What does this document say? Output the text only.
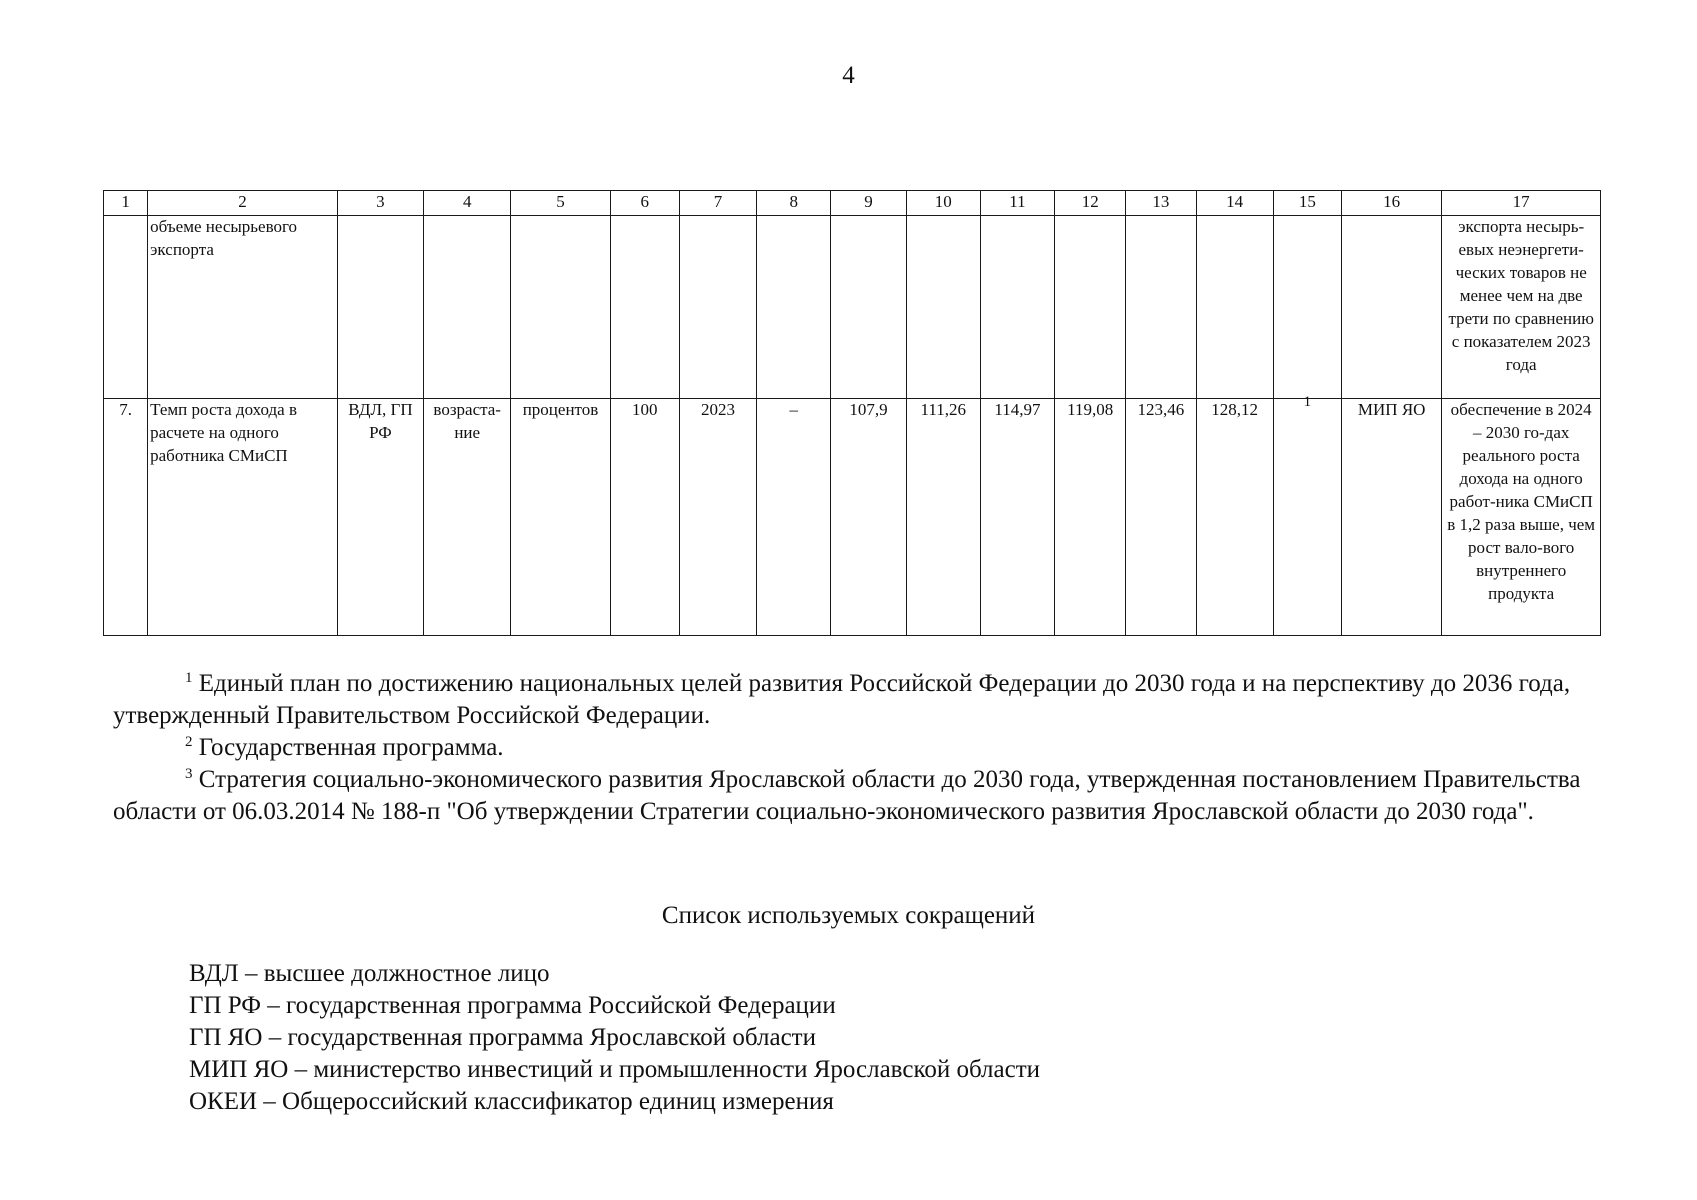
4
1	2	3	4	5	6	7	8	9	10	11	12	13	14	15	16	17
	объеме несырьевого экспорта															экспорта несырь-евых неэнергети-ческих товаров не менее чем на две трети по сравнению с показателем 2023 года
7.	Темп роста дохода в расчете на одного работника СМиСП	ВДЛ, ГП РФ	возраста-ние	процентов	100	2023	–	107,9	111,26	114,97	119,08	123,46	128,12	$^1$	МИП ЯО	обеспечение в 2024 – 2030 го-дах реального роста дохода на одного работ-ника СМиСП в 1,2 раза выше, чем рост вало-вого внутреннего продукта

$^1$ Единый план по достижению национальных целей развития Российской Федерации до 2030 года и на перспективу до 2036 года, утвержденный Правительством Российской Федерации.

$^2$ Государственная программа.

$^3$ Стратегия социально-экономического развития Ярославской области до 2030 года, утвержденная постановлением Правительства области от 06.03.2014 № 188-п "Об утверждении Стратегии социально-экономического развития Ярославской области до 2030 года".

Список используемых сокращений
ВДЛ – высшее должностное лицо
ГП РФ – государственная программа Российской Федерации
ГП ЯО – государственная программа Ярославской области
МИП ЯО – министерство инвестиций и промышленности Ярославской области
ОКЕИ – Общероссийский классификатор единиц измерения
